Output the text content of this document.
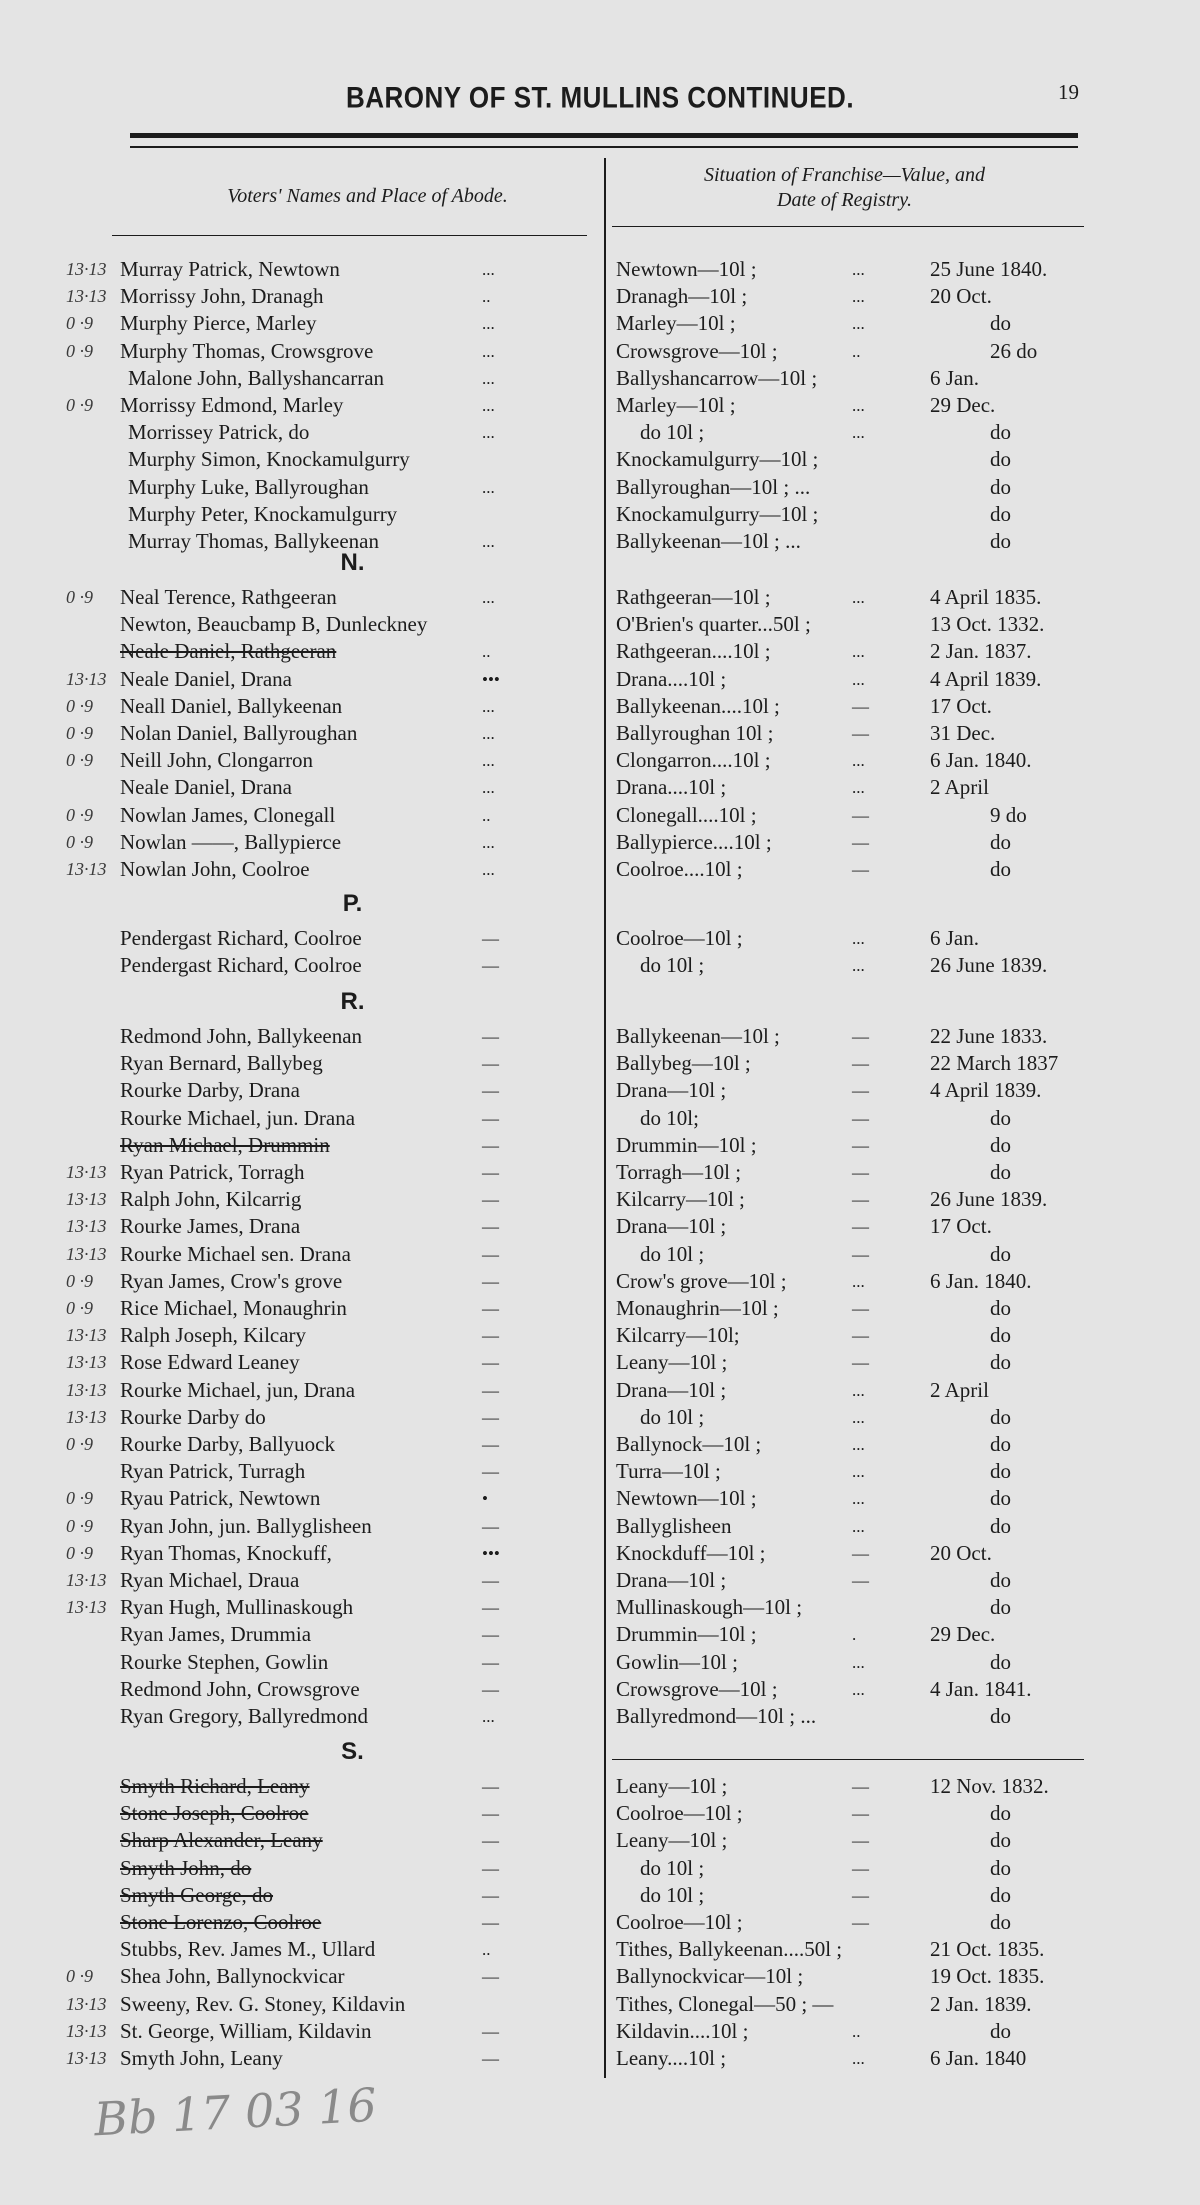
BARONY OF ST. MULLINS CONTINUED.	19
Voters' Names and Place of Abode.
Situation of Franchise—Value, and
Date of Registry.
13·13 Murray Patrick, Newtown	...	Newtown—10l ;	...	25 June 1840.
13·13 Morrissy John, Dranagh	..	Dranagh—10l ;	...	20 Oct.
0 ·9 Murphy Pierce, Marley	...	Marley—10l ;	...	do
0 ·9 Murphy Thomas, Crowsgrove	...	Crowsgrove—10l ;	..	26 do
Malone John, Ballyshancarran	...	Ballyshancarrow—10l ;	6 Jan.
0 ·9 Morrissy Edmond, Marley	...	Marley—10l ;	...	29 Dec.
Morrissey Patrick, do	...	do 10l ;	...	do
Murphy Simon, Knockamulgurry	Knockamulgurry—10l ;	do
Murphy Luke, Ballyroughan	...	Ballyroughan—10l ; ...	do
Murphy Peter, Knockamulgurry	Knockamulgurry—10l ;	do
Murray Thomas, Ballykeenan	...	Ballykeenan—10l ; ...	do
N.
0 ·9 Neal Terence, Rathgeeran	...	Rathgeeran—10l ;	...	4 April 1835.
Newton, Beaucbamp B, Dunleckney	O'Brien's quarter...50l ;	13 Oct. 1332.
Neale Daniel, Rathgeeran	..	Rathgeeran....10l ;	...	2 Jan. 1837.
13·13 Neale Daniel, Drana	•••	Drana....10l ;	...	4 April 1839.
0 ·9 Neall Daniel, Ballykeenan	...	Ballykeenan....10l ;	—	17 Oct.
0 ·9 Nolan Daniel, Ballyroughan	...	Ballyroughan 10l ;	—	31 Dec.
0 ·9 Neill John, Clongarron	...	Clongarron....10l ;	...	6 Jan. 1840.
Neale Daniel, Drana	...	Drana....10l ;	...	2 April
0 ·9 Nowlan James, Clonegall	..	Clonegall....10l ;	—	9 do
0 ·9 Nowlan ——, Ballypierce	...	Ballypierce....10l ;	—	do
13·13 Nowlan John, Coolroe	...	Coolroe....10l ;	—	do
P.
Pendergast Richard, Coolroe	—	Coolroe—10l ;	...	6 Jan.
Pendergast Richard, Coolroe	—	do 10l ;	...	26 June 1839.
R.
Redmond John, Ballykeenan	—	Ballykeenan—10l ;	—	22 June 1833.
Ryan Bernard, Ballybeg	—	Ballybeg—10l ;	—	22 March 1837
Rourke Darby, Drana	—	Drana—10l ;	—	4 April 1839.
Rourke Michael, jun. Drana	—	do 10l;	—	do
Ryan Michael, Drummin	—	Drummin—10l ;	—	do
13·13 Ryan Patrick, Torragh	—	Torragh—10l ;	—	do
13·13 Ralph John, Kilcarrig	—	Kilcarry—10l ;	—	26 June 1839.
13·13 Rourke James, Drana	—	Drana—10l ;	—	17 Oct.
13·13 Rourke Michael sen. Drana	—	do 10l ;	—	do
0 ·9 Ryan James, Crow's grove	—	Crow's grove—10l ;	...	6 Jan. 1840.
0 ·9 Rice Michael, Monaughrin	—	Monaughrin—10l ;	—	do
13·13 Ralph Joseph, Kilcary	—	Kilcarry—10l;	—	do
13·13 Rose Edward Leaney	—	Leany—10l ;	—	do
13·13 Rourke Michael, jun, Drana	—	Drana—10l ;	...	2 April
13·13 Rourke Darby do	—	do 10l ;	...	do
0 ·9 Rourke Darby, Ballyuock	—	Ballynock—10l ;	...	do
Ryan Patrick, Turragh	—	Turra—10l ;	...	do
0 ·9 Ryau Patrick, Newtown	•	Newtown—10l ;	...	do
0 ·9 Ryan John, jun. Ballyglisheen	—	Ballyglisheen	...	do
0 ·9 Ryan Thomas, Knockuff,	•••	Knockduff—10l ;	—	20 Oct.
13·13 Ryan Michael, Draua	—	Drana—10l ;	—	do
13·13 Ryan Hugh, Mullinaskough	—	Mullinaskough—10l ;	do
Ryan James, Drummia	—	Drummin—10l ;	.	29 Dec.
Rourke Stephen, Gowlin	—	Gowlin—10l ;	...	do
Redmond John, Crowsgrove	—	Crowsgrove—10l ;	...	4 Jan. 1841.
Ryan Gregory, Ballyredmond	...	Ballyredmond—10l ; ...	do
S.
Smyth Richard, Leany	—	Leany—10l ;	—	12 Nov. 1832.
Stone Joseph, Coolroe	—	Coolroe—10l ;	—	do
Sharp Alexander, Leany	—	Leany—10l ;	—	do
Smyth John, do	—	do 10l ;	—	do
Smyth George, do	—	do 10l ;	—	do
Stone Lorenzo, Coolroe	—	Coolroe—10l ;	—	do
Stubbs, Rev. James M., Ullard	..	Tithes, Ballykeenan....50l ;	21 Oct. 1835.
0 ·9 Shea John, Ballynockvicar	—	Ballynockvicar—10l ;	19 Oct. 1835.
13·13 Sweeny, Rev. G. Stoney, Kildavin	Tithes, Clonegal—50 ; —	2 Jan. 1839.
13·13 St. George, William, Kildavin	—	Kildavin....10l ;	..	do
13·13 Smyth John, Leany	—	Leany....10l ;	...	6 Jan. 1840
Bb 17 03 16
